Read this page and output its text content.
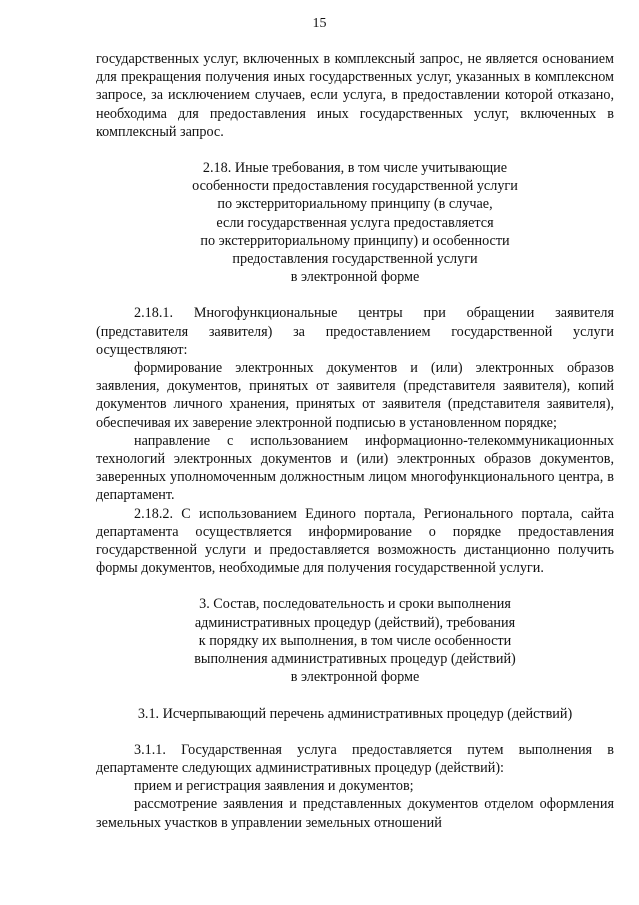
15

государственных услуг, включенных в комплексный запрос, не является основанием для прекращения получения иных государственных услуг, указанных в комплексном запросе, за исключением случаев, если услуга, в предоставлении которой отказано, необходима для предоставления иных государственных услуг, включенных в комплексный запрос.

2.18. Иные требования, в том числе учитывающие

особенности предоставления государственной услуги

по экстерриториальному принципу (в случае,

если государственная услуга предоставляется

по экстерриториальному принципу) и особенности

предоставления государственной услуги

в электронной форме

2.18.1. Многофункциональные центры при обращении заявителя (представителя заявителя) за предоставлением государственной услуги осуществляют:

формирование электронных документов и (или) электронных образов заявления, документов, принятых от заявителя (представителя заявителя), копий документов личного хранения, принятых от заявителя (представителя заявителя), обеспечивая их заверение электронной подписью в установленном порядке;

направление с использованием информационно-телекоммуникационных технологий электронных документов и (или) электронных образов документов, заверенных уполномоченным должностным лицом многофункционального центра, в департамент.

2.18.2. С использованием Единого портала, Регионального портала, сайта департамента осуществляется информирование о порядке предоставления государственной услуги и предоставляется возможность дистанционно получить формы документов, необходимые для получения государственной услуги.

3. Состав, последовательность и сроки выполнения

административных процедур (действий), требования

к порядку их выполнения, в том числе особенности

выполнения административных процедур (действий)

в электронной форме

3.1. Исчерпывающий перечень административных процедур (действий)

3.1.1. Государственная услуга предоставляется путем выполнения в департаменте следующих административных процедур (действий):

прием и регистрация заявления и документов;

рассмотрение заявления и представленных документов отделом оформления земельных участков в управлении земельных отношений
